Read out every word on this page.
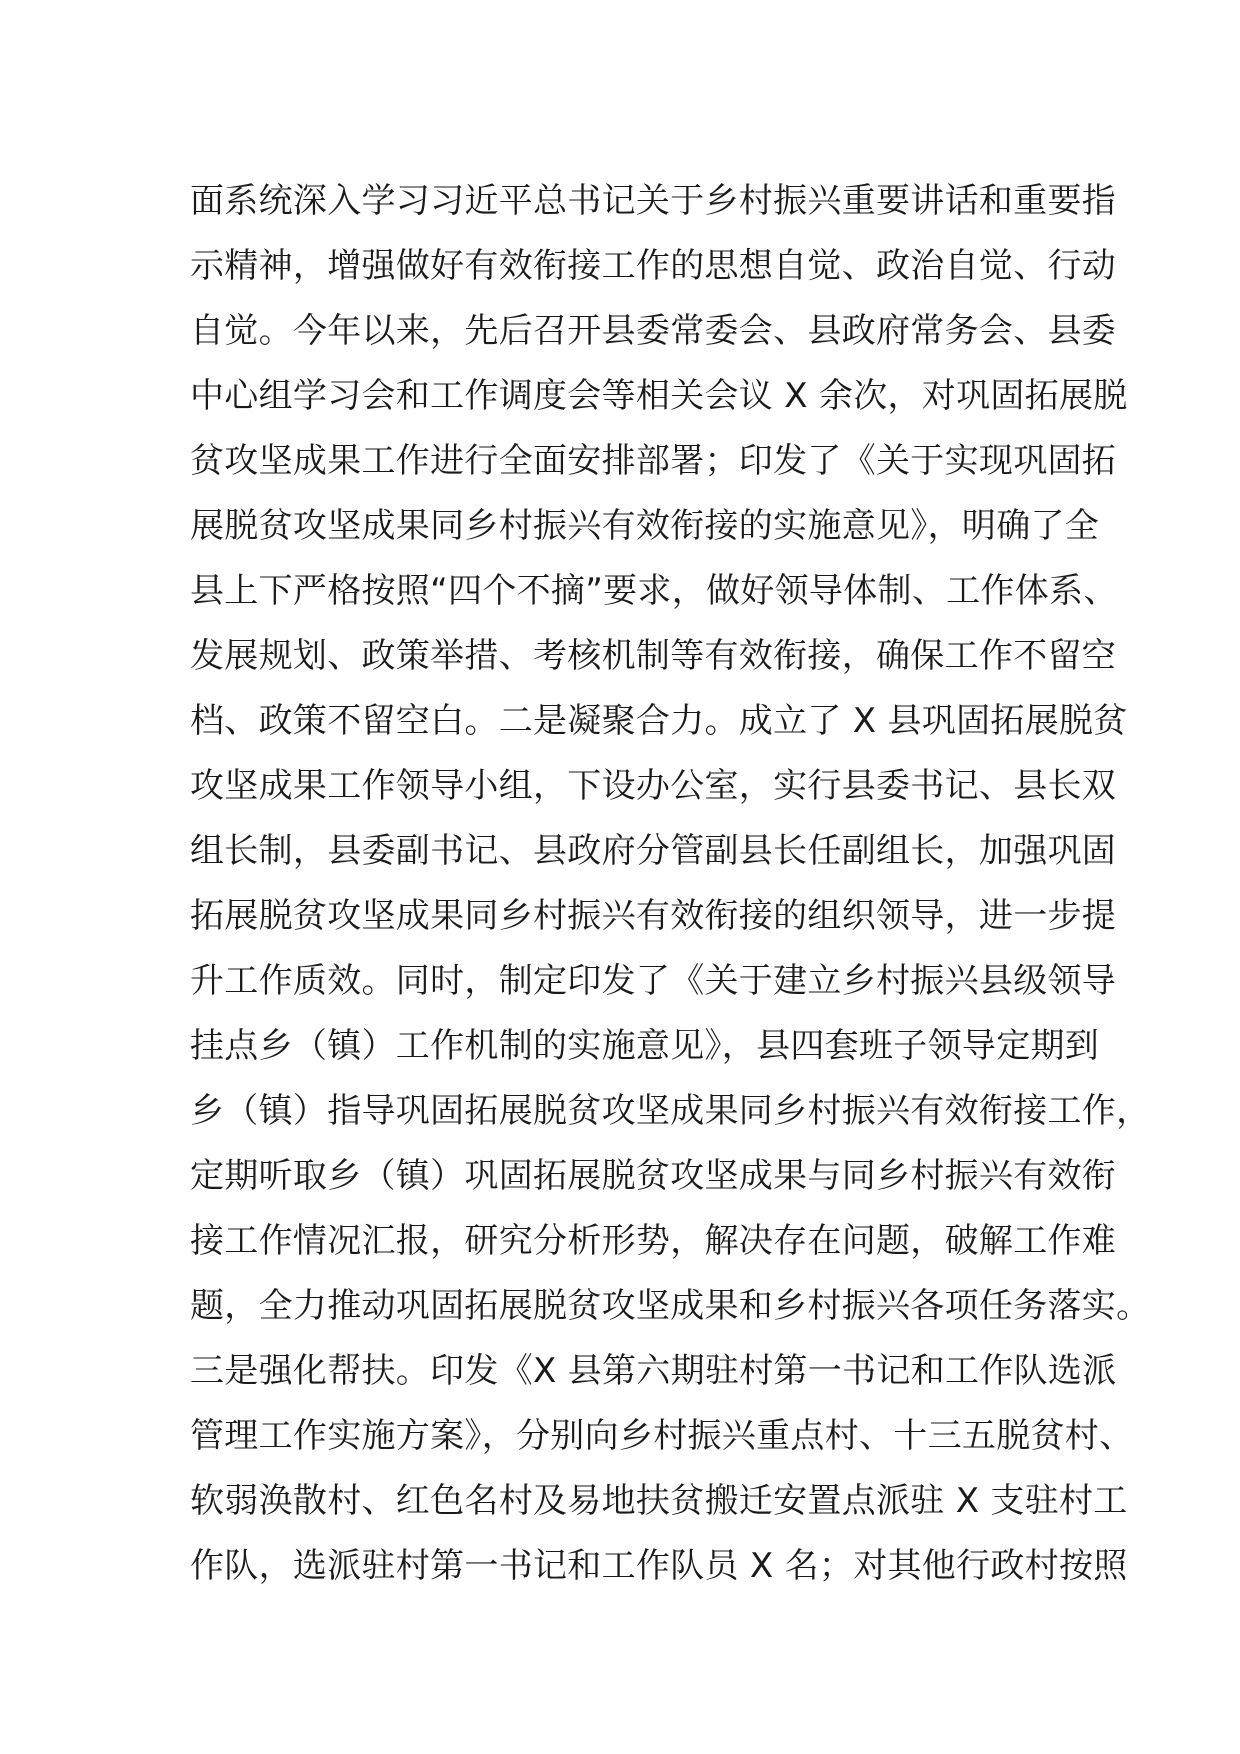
面系统深入学习习近平总书记关于乡村振兴重要讲话和重要指
示精神，增强做好有效衔接工作的思想自觉、政治自觉、行动
自觉。今年以来，先后召开县委常委会、县政府常务会、县委
中心组学习会和工作调度会等相关会议 X 余次，对巩固拓展脱
贫攻坚成果工作进行全面安排部署；印发了《关于实现巩固拓
展脱贫攻坚成果同乡村振兴有效衔接的实施意见》，明确了全
县上下严格按照“四个不摘”要求，做好领导体制、工作体系、
发展规划、政策举措、考核机制等有效衔接，确保工作不留空
档、政策不留空白。二是凝聚合力。成立了 X 县巩固拓展脱贫
攻坚成果工作领导小组，下设办公室，实行县委书记、县长双
组长制，县委副书记、县政府分管副县长任副组长，加强巩固
拓展脱贫攻坚成果同乡村振兴有效衔接的组织领导，进一步提
升工作质效。同时，制定印发了《关于建立乡村振兴县级领导
挂点乡（镇）工作机制的实施意见》，县四套班子领导定期到
乡（镇）指导巩固拓展脱贫攻坚成果同乡村振兴有效衔接工作，
定期听取乡（镇）巩固拓展脱贫攻坚成果与同乡村振兴有效衔
接工作情况汇报，研究分析形势，解决存在问题，破解工作难
题，全力推动巩固拓展脱贫攻坚成果和乡村振兴各项任务落实。
三是强化帮扶。印发《X 县第六期驻村第一书记和工作队选派
管理工作实施方案》，分别向乡村振兴重点村、十三五脱贫村、
软弱涣散村、红色名村及易地扶贫搬迁安置点派驻 X 支驻村工
作队，选派驻村第一书记和工作队员 X 名；对其他行政村按照
